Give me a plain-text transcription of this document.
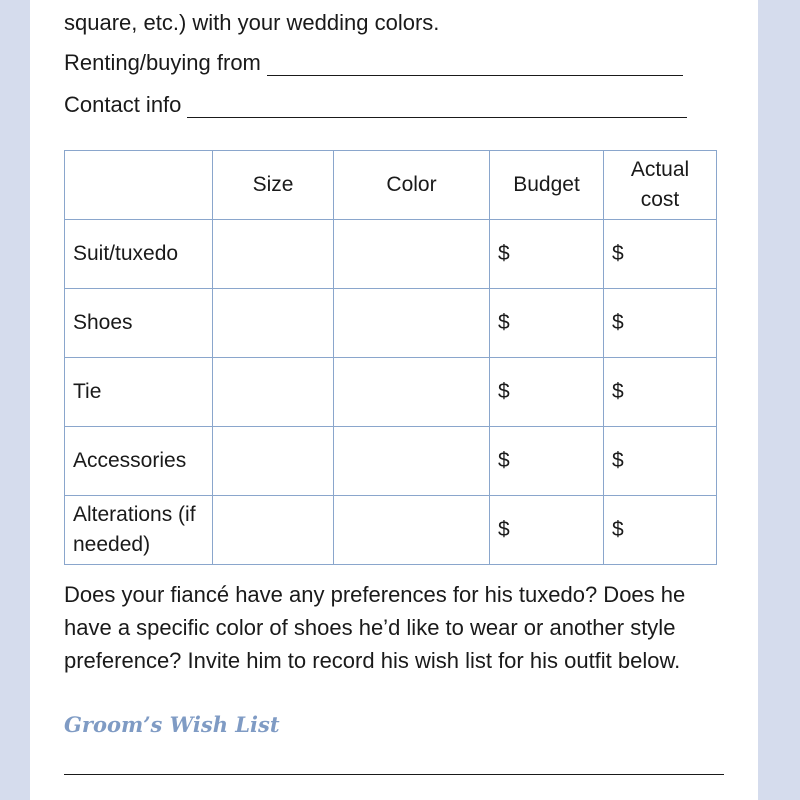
square, etc.) with your wedding colors.
Renting/buying from
Contact info
	Size	Color	Budget	Actual cost
Suit/tuxedo			$	$
Shoes			$	$
Tie			$	$
Accessories			$	$
Alterations (if needed)			$	$
Does your fiancé have any preferences for his tuxedo? Does he have a specific color of shoes he’d like to wear or another style preference? Invite him to record his wish list for his outfit below.
Groom’s Wish List
